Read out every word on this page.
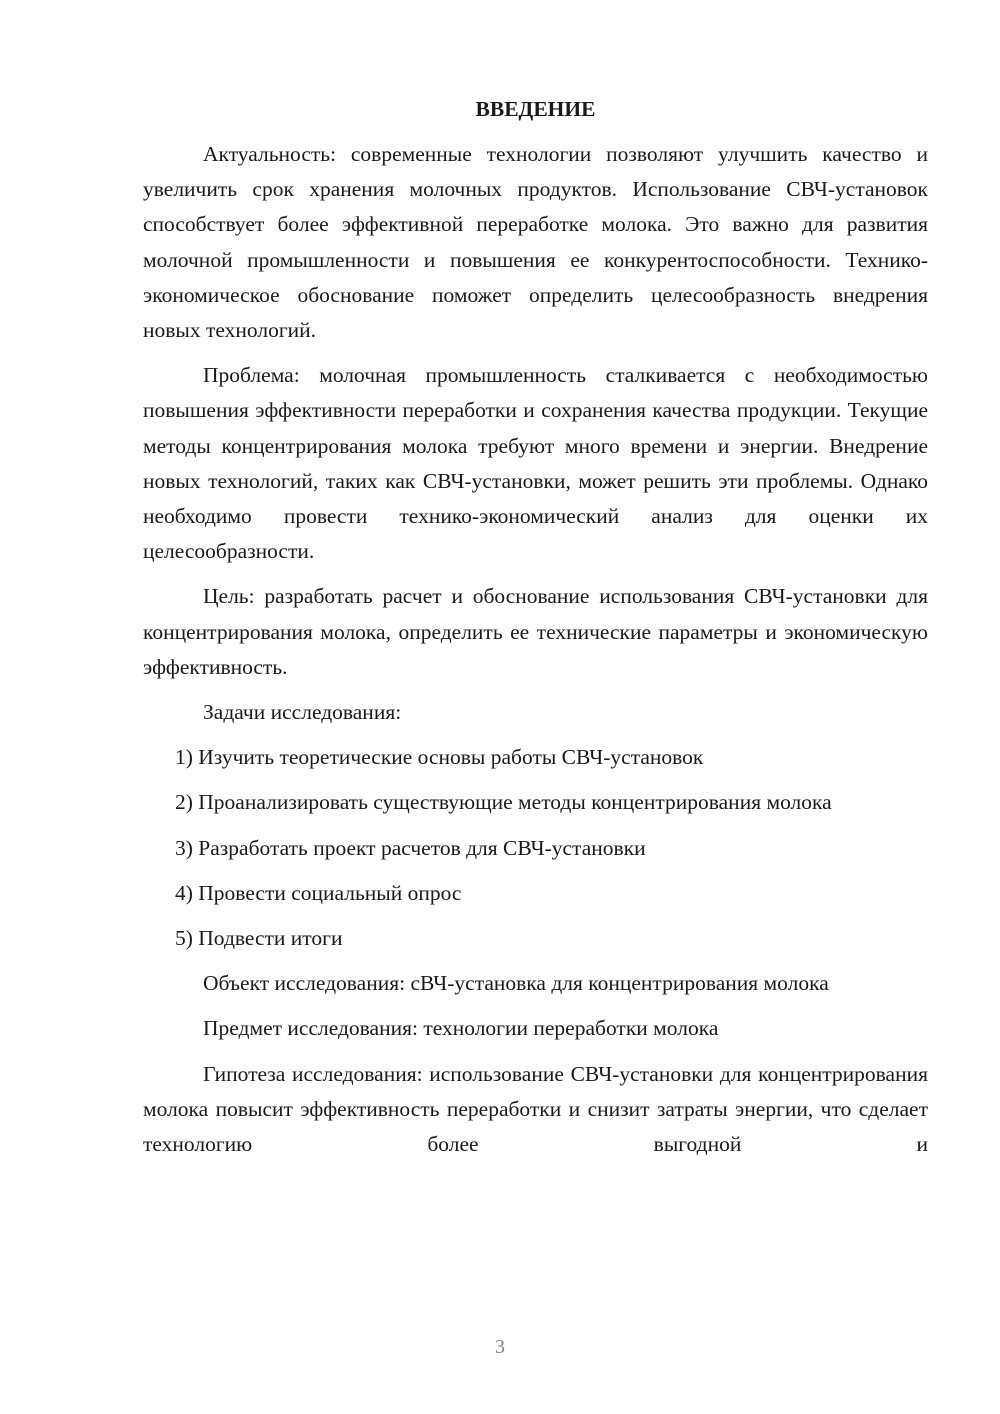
ВВЕДЕНИЕ

Актуальность: современные технологии позволяют улучшить качество и увеличить срок хранения молочных продуктов. Использование СВЧ-установок способствует более эффективной переработке молока. Это важно для развития молочной промышленности и повышения ее конкурентоспособности. Технико-экономическое обоснование поможет определить целесообразность внедрения новых технологий.

Проблема: молочная промышленность сталкивается с необходимостью повышения эффективности переработки и сохранения качества продукции. Текущие методы концентрирования молока требуют много времени и энергии. Внедрение новых технологий, таких как СВЧ-установки, может решить эти проблемы. Однако необходимо провести технико-экономический анализ для оценки их целесообразности.

Цель: разработать расчет и обоснование использования СВЧ-установки для концентрирования молока, определить ее технические параметры и экономическую эффективность.

Задачи исследования:

1) Изучить теоретические основы работы СВЧ-установок

2) Проанализировать существующие методы концентрирования молока

3) Разработать проект расчетов для СВЧ-установки

4) Провести социальный опрос

5) Подвести итоги

Объект исследования: сВЧ-установка для концентрирования молока

Предмет исследования: технологии переработки молока

Гипотеза исследования: использование СВЧ-установки для концентрирования молока повысит эффективность переработки и снизит затраты энергии, что сделает технологию более выгодной и

3
